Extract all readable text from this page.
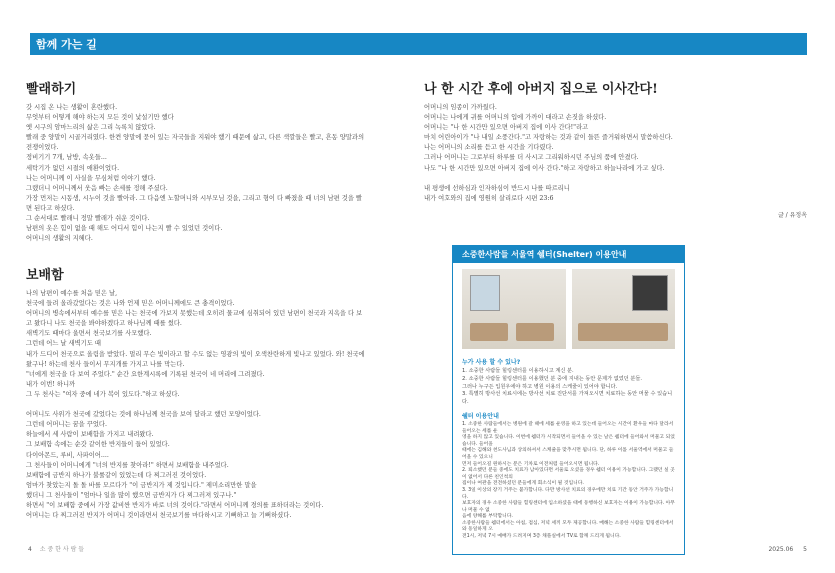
함께 가는 길
빨래하기
갓 시집 온 나는 생활이 혼란했다.
무엇부터 어떻게 해야 하는지 모든 것이 낯설기만 했다
옛 시구의 암마느리의 삶은 그리 녹록치 않았다.
빨래 중 양말이 시골거리였다. 한켠 양말에 묻어 있는 자국들을 지워야 했기 때문에 삶고, 다른 색깔들은 빨고, 흔동 양말과의
전쟁이었다.
정비기기 7개, 남방, 속옷들...
세탁기가 없던 시절의 애환이었다.
나는 어머니께 이 사실을 무심처럼 이야기 했다.
그랬더니 어머니께서 웃음 빠는 손세를 정해 주셨다.
가장 먼저는 시동생, 시누이 것을 빨아라. 그 다음엔 노할머니와 시부모님 것을, 그리고 형이 다 빠졌을 때 너의 남편 것을 빨
면 된다고 하셨다.
그 순서대로 빨래니 정말 빨래가 쉬운 것이다.
남편의 옷은 힘이 없을 때 해도 어디서 힘이 나는지 빨 수 있었던 것이다.
어머니의 생활의 지혜다.
보배함
나의 남편이 예수를 처음 믿은 날,
천국에 들려 올라갔었다는 것은 나와 언제 믿은 어머니께에도 큰 충격이었다.
어머니의 병속에서부터 예수를 믿은 나는 천국에 가보지 못했는데 오히려 물교에 심취되어 있던 남편이 천국과 지옥을 다 보
고 왔다니 나도 천국을 봐야하겠다고 하나님께 때를 썼다.
새벽기도 때마다 울면서 천국보기를 사모했다.
그런데 어느 날 새벽기도 때
내가 드디어 천국으로 올림을 받았다. 멀리 무슨 빛이라고 할 수도 없는 영광의 빛이 오색찬란하게 빛나고 있었다. 와! 천국에
왔구나! 하는데 천사 들이서 무지개를 가지고 나를 막는다.
"너에게 천국을 다 보여 주었다." 순간 요한계시록에 기록된 천국이 네 머리에 그려졌다.
내가 이번! 하니까
그 두 천사는 "여자 중에 네가 복이 있도다."하고 하셨다.

어머니도 사위가 천국에 갔었다는 것에 하나님께 천국을 보여 달라고 했던 모양이었다.
그런데 어머니는 꿈을 꾸었다.
하늘에서 세 사람이 보배함을 가지고 내려왔다.
그 보배함 속에는 순갓 같이한 반지들이 들어 있었다.
다이아몬드, 루비, 사파이어....
그 천사들이 어머니에게 "너의 반지를 찾아라!" 하면서 보배함을 내주었다.
보배함에 금반지 하나가 불룰같이 있었는데 다 찌그러진 것이었다.
엄마가 찾았는지 돌 돌 바를 모르다가 "이 금반지가 제 것입니다." 제미소리만한 말을
했더니 그 천사들이 "엄마나 일을 많이 했으면 금반지가 다 찌그러져 있구나."
하면서 "이 보배함 중에서 가장 값비싼 반지가 바로 너의 것이다."라면서 어머니께 경의를 표하더라는 것이다.
어머니는 다 찌그러진 반지가 어머니 것이라면서 천국보기를 마다하시고 기뻐하고 늘 기뻐하셨다.
나 한 시간 후에 아버지 집으로 이사간다!
어머니의 임종이 가까웠다.
어머니는 나에게 귀를 어머니의 입에 가까이 대라고 손짓을 하셨다.
어머니는 "나 한 시간만 있으면 아버지 집에 이사 간다!"라고
마치 어린아이가 "나 내일 소풍간다."고 자랑하는 것과 같이 들뜬 즐거워하면서 말씀하신다.
나는 어머니의 소리를 듣고 한 시간을 기다렸다.
그러나 어머니는 그로부터 하루를 더 사시고 그리워하시던 주님의 품에 안겼다.
나도 "나 한 시간만 있으면 아버지 집에 이사 간다."하고 자랑하고 하늘나라에 가고 싶다.

내 평생에 선하심과 인자하심이 반드시 나를 따르리니
내가 여호와의 집에 영원히 살리로다 시편 23:6
글 / 유정옥
소중한사람들 서울역 쉘터(Shelter) 이용안내
누가 사용 할 수 있나?
1. 소중한 사람들 힐링센터를 이용하시고 계신 분.
2. 소중한 사람들 힐링센터를 이용했던 분 중에 지내는 동안 문제가 없었던 분들.
그러나 누구든 입원우에야 하고 병원 이용의 스케줄이 있어야 합니다.
3. 특별히 방사선 치료시에는 방사선 치료 진단서를 가져오시면 치료하는 동안 머물 수 있습니다.
쉘터 이용안내
1. 소중한 사람들에서는 병원에 갈 때에 세를 운영을 하고 있는데 들어오는 시간이 환우들 마다 달라서 들어오는 세를 운
영을 하지 않고 있습니다. 이번에 쉘터가 시작되면서 들어올 수 있는 날은 쉘터에 들어와서 머물고 되었습니다. 들어올
때에는 김해와 천도사님과 상의하셔서 스케줄을 맞추시면 됩니다. 단, 하루 이틀 서울역에서 머물고 들어올 수 있으니
먼저 들어오길 원하시는 분은 기차로 이전처럼 들어오시면 됩니다.
2. 퇴소했던 분들 중에도 치료가 남아있다면 서울로 오셨을 경우 쉘터 이용이 가능합니다. 그랬던 실 곳이 없어서 다른 친인척의
집이나 여관을 전전하셨던 분들에게 회소식이 될 것입니다.
3. 3일 이상의 장기 거주는 불가합니다. 다만 방사선 치료의 경우에만 치료 기간 동안 거주가 가능합니다.
보호자의 경우 소중한 사람들 힐링센터에 입소하셨을 때에 동행하신 보호자는 이용이 가능합니다. 아무나 머물 수 없
음에 양해를 부탁합니다.
소중한사람들 쉘터에서는 아침, 점심, 저녁 세끼 모두 제공합니다. 매해는 소중한 사람들 힐링센터에서와 동일하게 오
전1시, 저녁 7시 예배가 드려지며 3층 채플실에서 TV로 함께 드리게 됩니다.
4 소 중 한 사 람 들	2025.06 5
